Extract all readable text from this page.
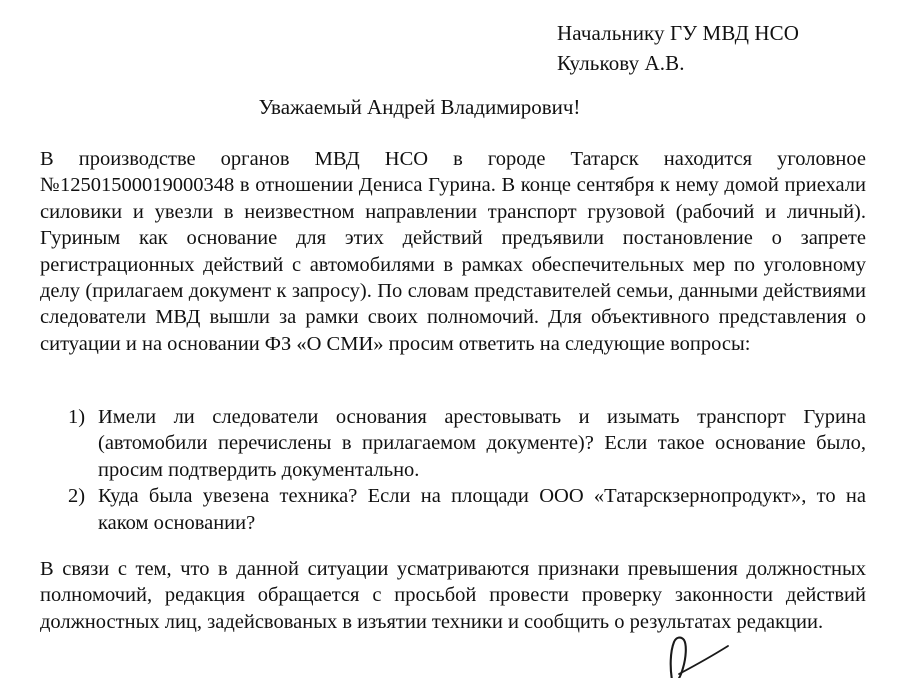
Начальнику ГУ МВД НСО
Кулькову А.В.
Уважаемый Андрей Владимирович!

В производстве органов МВД НСО в городе Татарск находится уголовное №12501500019000348 в отношении Дениса Гурина. В конце сентября к нему домой приехали силовики и увезли в неизвестном направлении транспорт грузовой (рабочий и личный). Гуриным как основание для этих действий предъявили постановление о запрете регистрационных действий с автомобилями в рамках обеспечительных мер по уголовному делу (прилагаем документ к запросу). По словам представителей семьи, данными действиями следователи МВД вышли за рамки своих полномочий. Для объективного представления о ситуации и на основании ФЗ «О СМИ» просим ответить на следующие вопросы:

1) Имели ли следователи основания арестовывать и изымать транспорт Гурина (автомобили перечислены в прилагаемом документе)? Если такое основание было, просим подтвердить документально.
2) Куда была увезена техника? Если на площади ООО «Татарскзернопродукт», то на каком основании?
В связи с тем, что в данной ситуации усматриваются признаки превышения должностных полномочий, редакция обращается с просьбой провести проверку законности действий должностных лиц, задейсвованых в изъятии техники и сообщить о результатах редакции.
